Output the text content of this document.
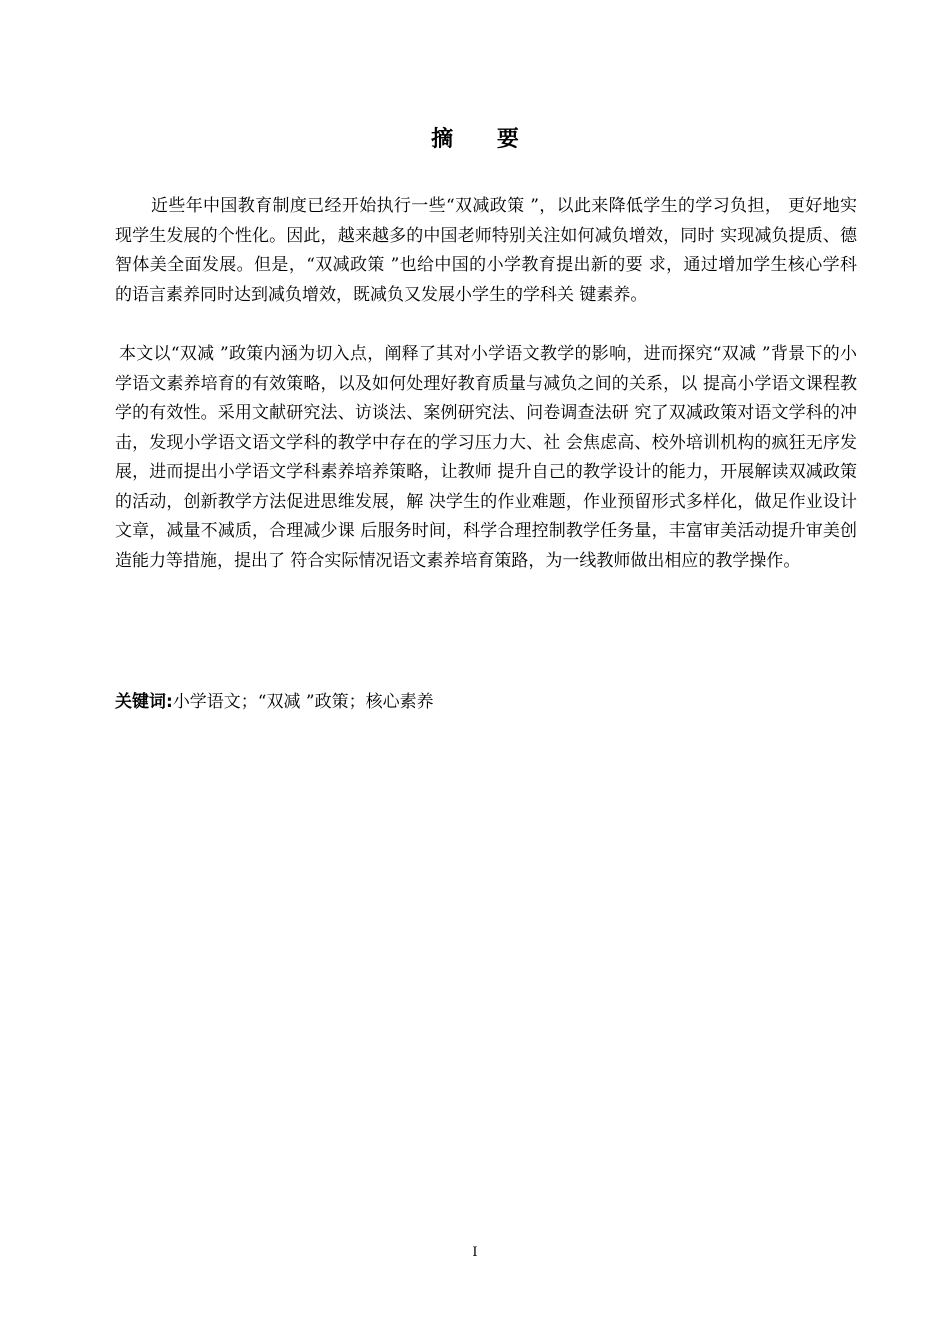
摘 要
近些年中国教育制度已经开始执行一些“双减政策 ”，以此来降低学生的学习负担， 更好地实现学生发展的个性化。因此，越来越多的中国老师特别关注如何减负增效，同时 实现减负提质、德智体美全面发展。但是，“双减政策 ”也给中国的小学教育提出新的要 求，通过增加学生核心学科的语言素养同时达到减负增效，既减负又发展小学生的学科关 键素养。
本文以“双减 ”政策内涵为切入点，阐释了其对小学语文教学的影响，进而探究“双减 ”背景下的小学语文素养培育的有效策略，以及如何处理好教育质量与减负之间的关系，以 提高小学语文课程教学的有效性。采用文献研究法、访谈法、案例研究法、问卷调查法研 究了双减政策对语文学科的冲击，发现小学语文语文学科的教学中存在的学习压力大、社 会焦虑高、校外培训机构的疯狂无序发展，进而提出小学语文学科素养培养策略，让教师 提升自己的教学设计的能力，开展解读双减政策的活动，创新教学方法促进思维发展，解 决学生的作业难题，作业预留形式多样化，做足作业设计文章，减量不减质，合理减少课 后服务时间，科学合理控制教学任务量，丰富审美活动提升审美创造能力等措施，提出了 符合实际情况语文素养培育策路，为一线教师做出相应的教学操作。
关键词:小学语文；“双减 ”政策；核心素养
I
